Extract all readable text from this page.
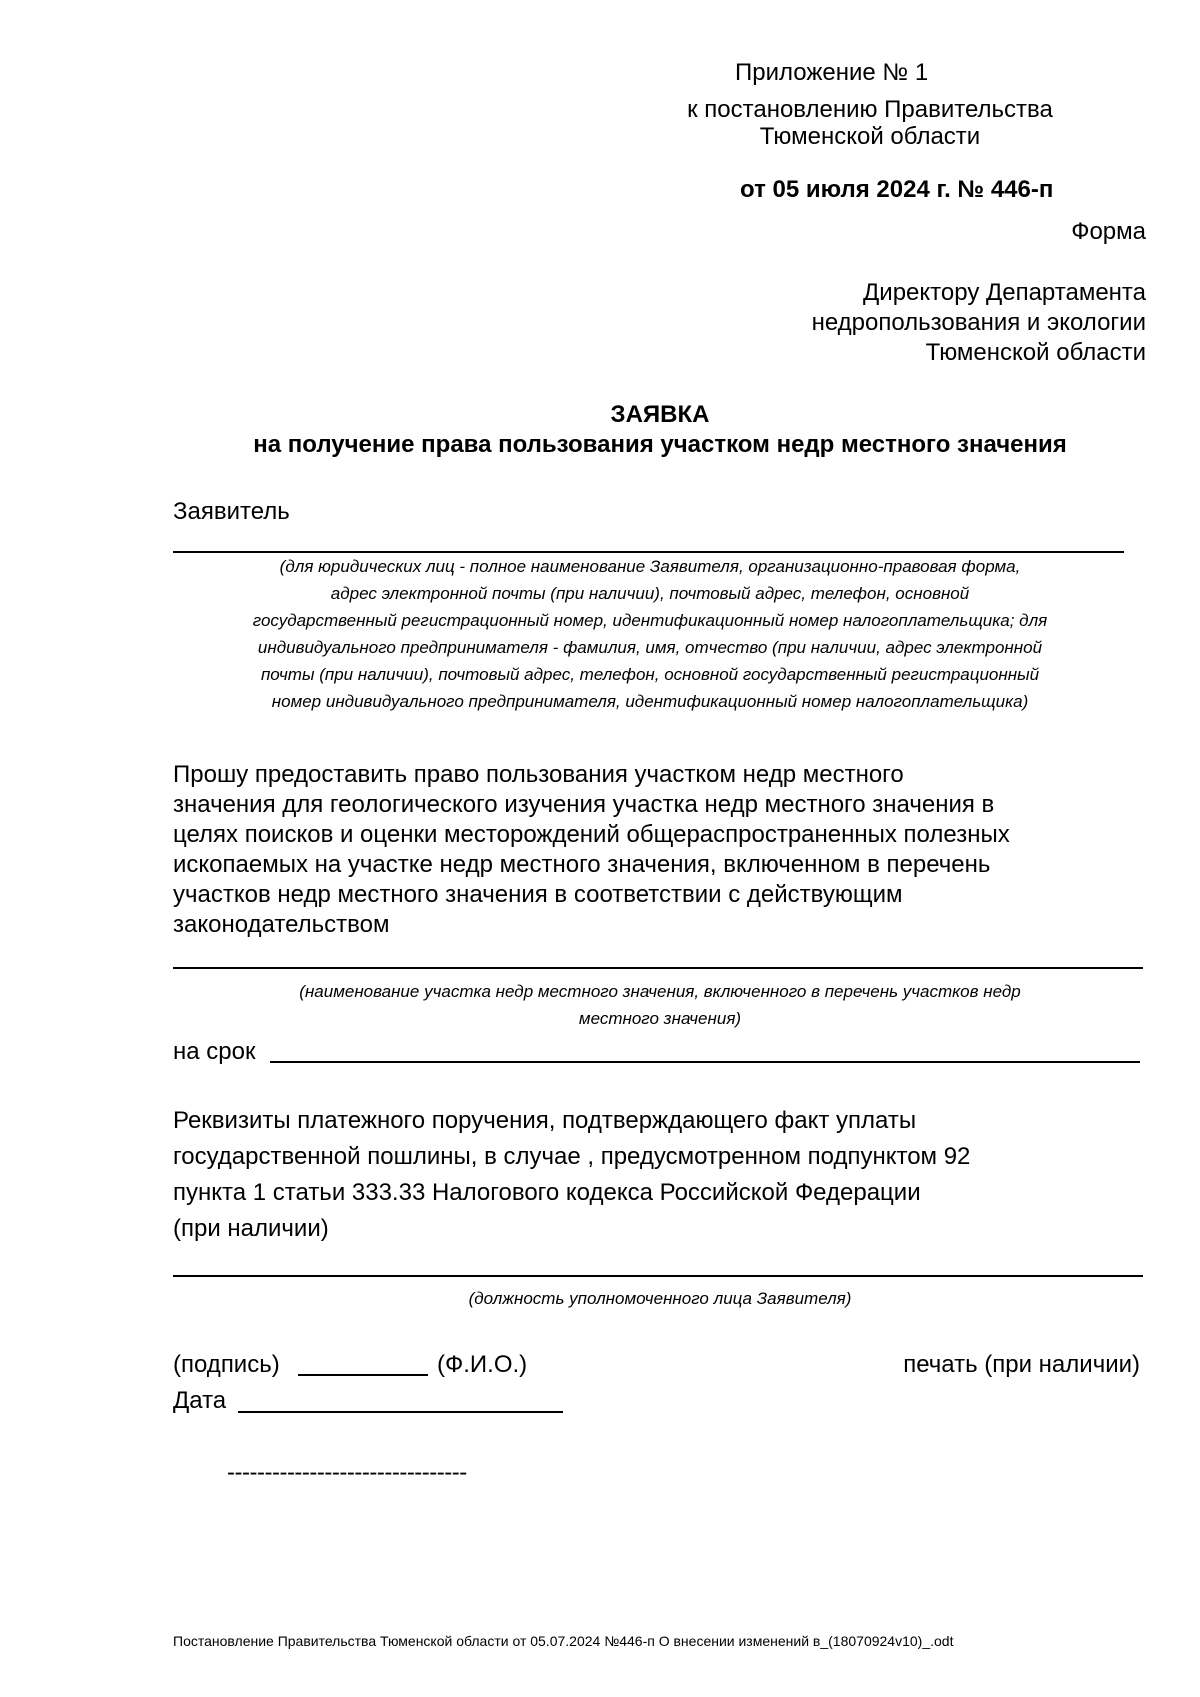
Приложение № 1
к постановлению Правительства
Тюменской области
от 05 июля 2024 г. № 446-п
Форма
Директору Департамента
недропользования и экологии
Тюменской области
ЗАЯВКА
на получение права пользования участком недр местного значения
Заявитель
(для юридических лиц - полное наименование Заявителя, организационно-правовая форма,
адрес электронной почты (при наличии), почтовый адрес, телефон, основной
государственный регистрационный номер, идентификационный номер налогоплательщика; для
индивидуального предпринимателя - фамилия, имя, отчество (при наличии, адрес электронной
почты (при наличии), почтовый адрес, телефон, основной государственный регистрационный
номер индивидуального предпринимателя, идентификационный номер налогоплательщика)
Прошу предоставить право пользования участком недр местного
значения для геологического изучения участка недр местного значения в
целях поисков и оценки месторождений общераспространенных полезных
ископаемых на участке недр местного значения, включенном в перечень
участков недр местного значения в соответствии с действующим
законодательством
(наименование участка недр местного значения, включенного в перечень участков недр
местного значения)
на срок
Реквизиты платежного поручения, подтверждающего факт уплаты
государственной пошлины, в случае , предусмотренном подпунктом 92
пункта 1 статьи 333.33 Налогового кодекса Российской Федерации
(при наличии)
(должность уполномоченного лица Заявителя)
(подпись)	(Ф.И.О.)	печать (при наличии)
Дата
--------------------------------
Постановление Правительства Тюменской области от 05.07.2024 №446-п О внесении изменений в_(18070924v10)_.odt
